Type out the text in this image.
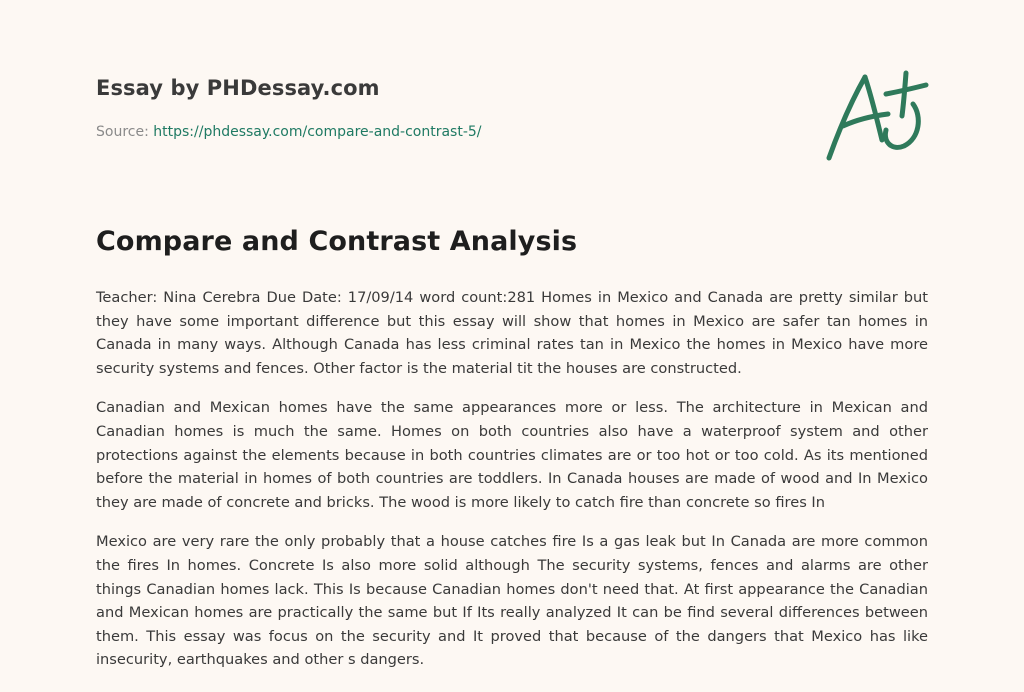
Essay by PHDessay.com
Source: https://phdessay.com/compare-and-contrast-5/
Compare and Contrast Analysis

Teacher: Nina Cerebra Due Date: 17/09/14 word count:281 Homes in Mexico and Canada are pretty similar but they have some important difference but this essay will show that homes in Mexico are safer tan homes in Canada in many ways. Although Canada has less criminal rates tan in Mexico the homes in Mexico have more security systems and fences. Other factor is the material tit the houses are constructed.

Canadian and Mexican homes have the same appearances more or less. The architecture in Mexican and Canadian homes is much the same. Homes on both countries also have a waterproof system and other protections against the elements because in both countries climates are or too hot or too cold. As its mentioned before the material in homes of both countries are toddlers. In Canada houses are made of wood and In Mexico they are made of concrete and bricks. The wood is more likely to catch fire than concrete so fires In

Mexico are very rare the only probably that a house catches fire Is a gas leak but In Canada are more common the fires In homes. Concrete Is also more solid although The security systems, fences and alarms are other things Canadian homes lack. This Is because Canadian homes don't need that. At first appearance the Canadian and Mexican homes are practically the same but If Its really analyzed It can be find several differences between them. This essay was focus on the security and It proved that because of the dangers that Mexico has like insecurity, earthquakes and other s dangers.
